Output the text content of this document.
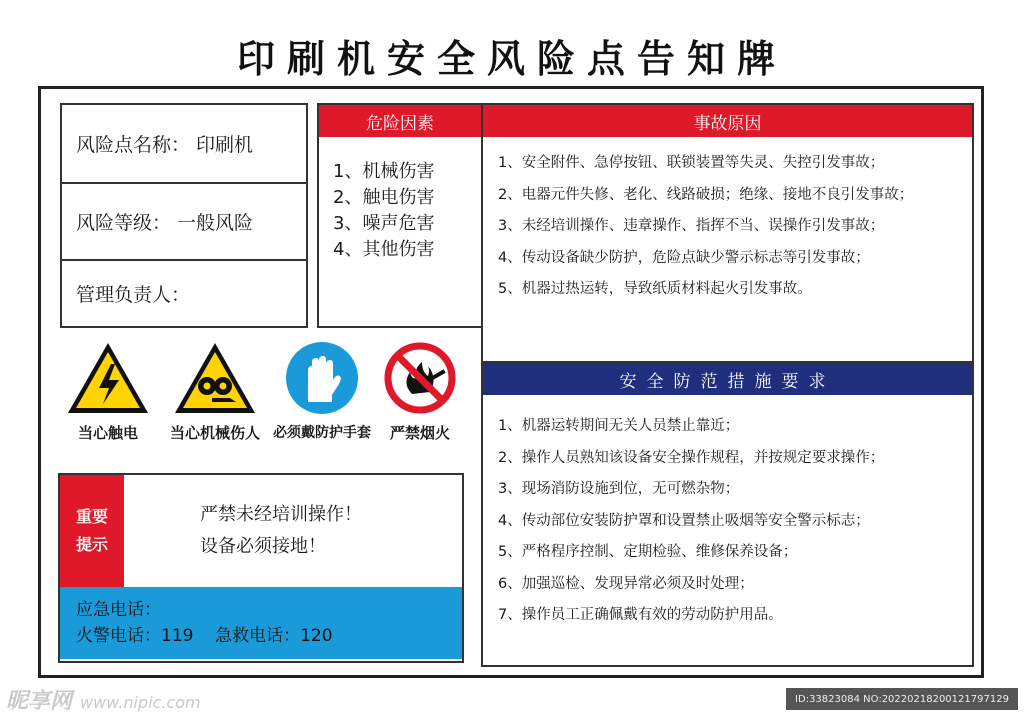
印刷机安全风险点告知牌
风险点名称： 印刷机
风险等级： 一般风险
管理负责人：
危险因素
1、机械伤害
2、触电伤害
3、噪声危害
4、其他伤害
事故原因
1、安全附件、急停按钮、联锁装置等失灵、失控引发事故；
2、电器元件失修、老化、线路破损；绝缘、接地不良引发事故；
3、未经培训操作、违章操作、指挥不当、误操作引发事故；
4、传动设备缺少防护，危险点缺少警示标志等引发事故；
5、机器过热运转，导致纸质材料起火引发事故。
安全防范措施要求
1、机器运转期间无关人员禁止靠近；
2、操作人员熟知该设备安全操作规程，并按规定要求操作；
3、现场消防设施到位，无可燃杂物；
4、传动部位安装防护罩和设置禁止吸烟等安全警示标志；
5、严格程序控制、定期检验、维修保养设备；
6、加强巡检、发现异常必须及时处理；
7、操作员工正确佩戴有效的劳动防护用品。
当心触电	当心机械伤人 必须戴防护手套	严禁烟火
重要
提示
严禁未经培训操作！
设备必须接地！
应急电话：
火警电话：119    急救电话：120
昵享网 www.nipic.com	ID:33823084 NO:20220218200121797129
